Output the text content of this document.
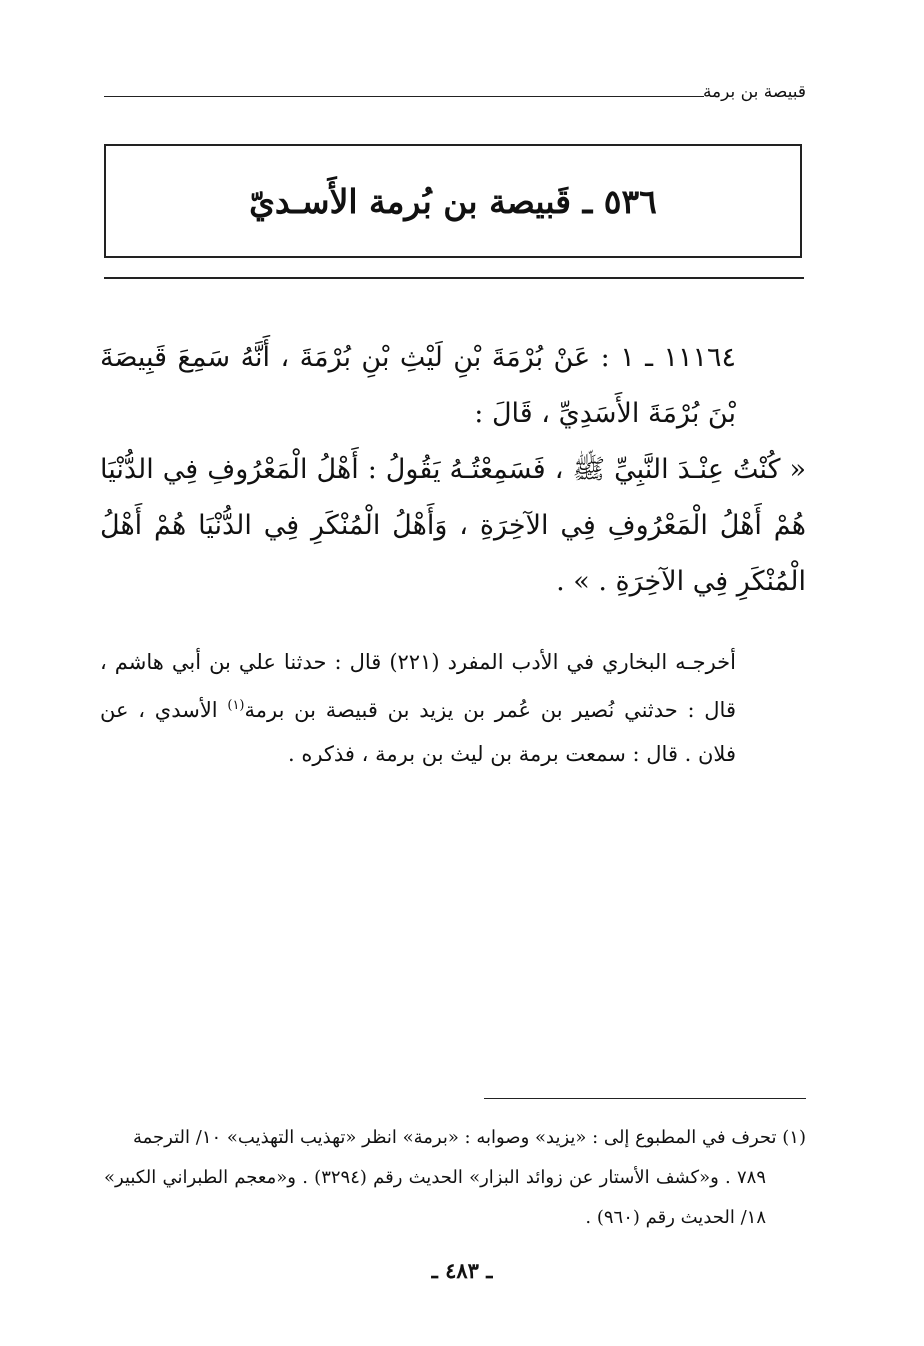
قبيصة بن برمة
٥٣٦ ـ قَبيصة بن بُرمة الأَسـديّ

١١١٦٤ ـ ١ : عَنْ بُرْمَةَ بْنِ لَيْثِ بْنِ بُرْمَةَ ، أَنَّهُ سَمِعَ قَبِيصَةَ بْنَ بُرْمَةَ الأَسَدِيِّ ، قَالَ :

« كُنْتُ عِنْـدَ النَّبِيِّ ﷺ ، فَسَمِعْتُـهُ يَقُولُ : أَهْلُ الْمَعْرُوفِ فِي الدُّنْيَا هُمْ أَهْلُ الْمَعْرُوفِ فِي الآخِرَةِ ، وَأَهْلُ الْمُنْكَرِ فِي الدُّنْيَا هُمْ أَهْلُ الْمُنْكَرِ فِي الآخِرَةِ . » .

أخرجـه البخاري في الأدب المفرد (٢٢١) قال : حدثنا علي بن أبي هاشم ، قال : حدثني نُصير بن عُمر بن يزيد بن قبيصة بن برمة$^{(١)}$ الأسدي ، عن فلان . قال : سمعت برمة بن ليث بن برمة ، فذكره .

(١) تحرف في المطبوع إلى : «يزيد» وصوابه : «برمة» انظر «تهذيب التهذيب» ١٠/ الترجمة

٧٨٩ . و«كشف الأستار عن زوائد البزار» الحديث رقم (٣٢٩٤) . و«معجم الطبراني الكبير» ١٨/ الحديث رقم (٩٦٠) .

ـ ٤٨٣ ـ
